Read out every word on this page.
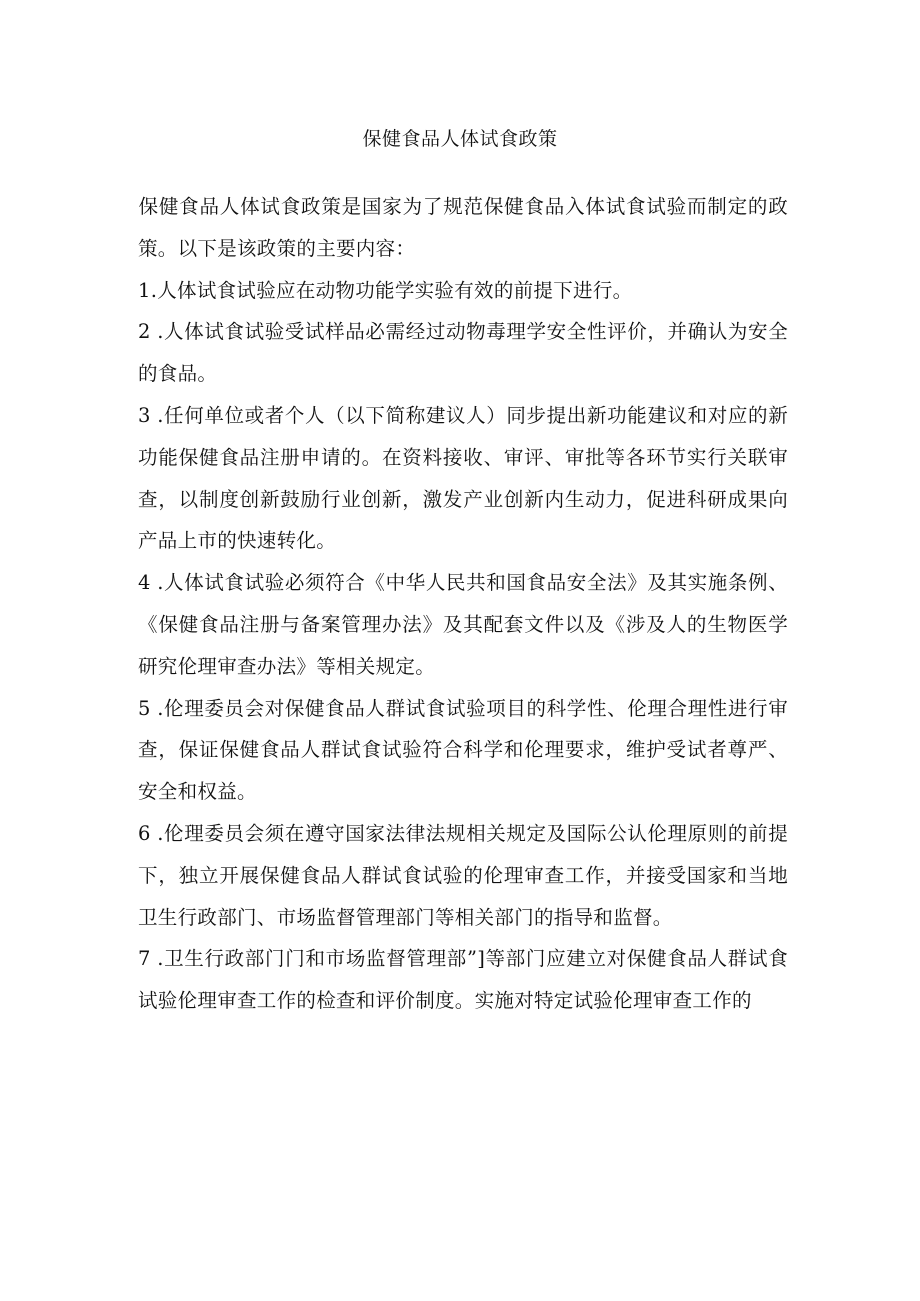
保健食品人体试食政策

保健食品人体试食政策是国家为了规范保健食品入体试食试验而制定的政策。以下是该政策的主要内容：

1.人体试食试验应在动物功能学实验有效的前提下进行。

2 .人体试食试验受试样品必需经过动物毒理学安全性评价，并确认为安全的食品。

3 .任何单位或者个人（以下简称建议人）同步提出新功能建议和对应的新功能保健食品注册申请的。在资料接收、审评、审批等各环节实行关联审查，以制度创新鼓励行业创新，激发产业创新内生动力，促进科研成果向产品上市的快速转化。

4 .人体试食试验必须符合《中华人民共和国食品安全法》及其实施条例、《保健食品注册与备案管理办法》及其配套文件以及《涉及人的生物医学研究伦理审查办法》等相关规定。

5 .伦理委员会对保健食品人群试食试验项目的科学性、伦理合理性进行审查，保证保健食品人群试食试验符合科学和伦理要求，维护受试者尊严、安全和权益。

6 .伦理委员会须在遵守国家法律法规相关规定及国际公认伦理原则的前提下，独立开展保健食品人群试食试验的伦理审查工作，并接受国家和当地卫生行政部门、市场监督管理部门等相关部门的指导和监督。

7 .卫生行政部门门和市场监督管理部”]等部门应建立对保健食品人群试食试验伦理审查工作的检查和评价制度。实施对特定试验伦理审查工作的
